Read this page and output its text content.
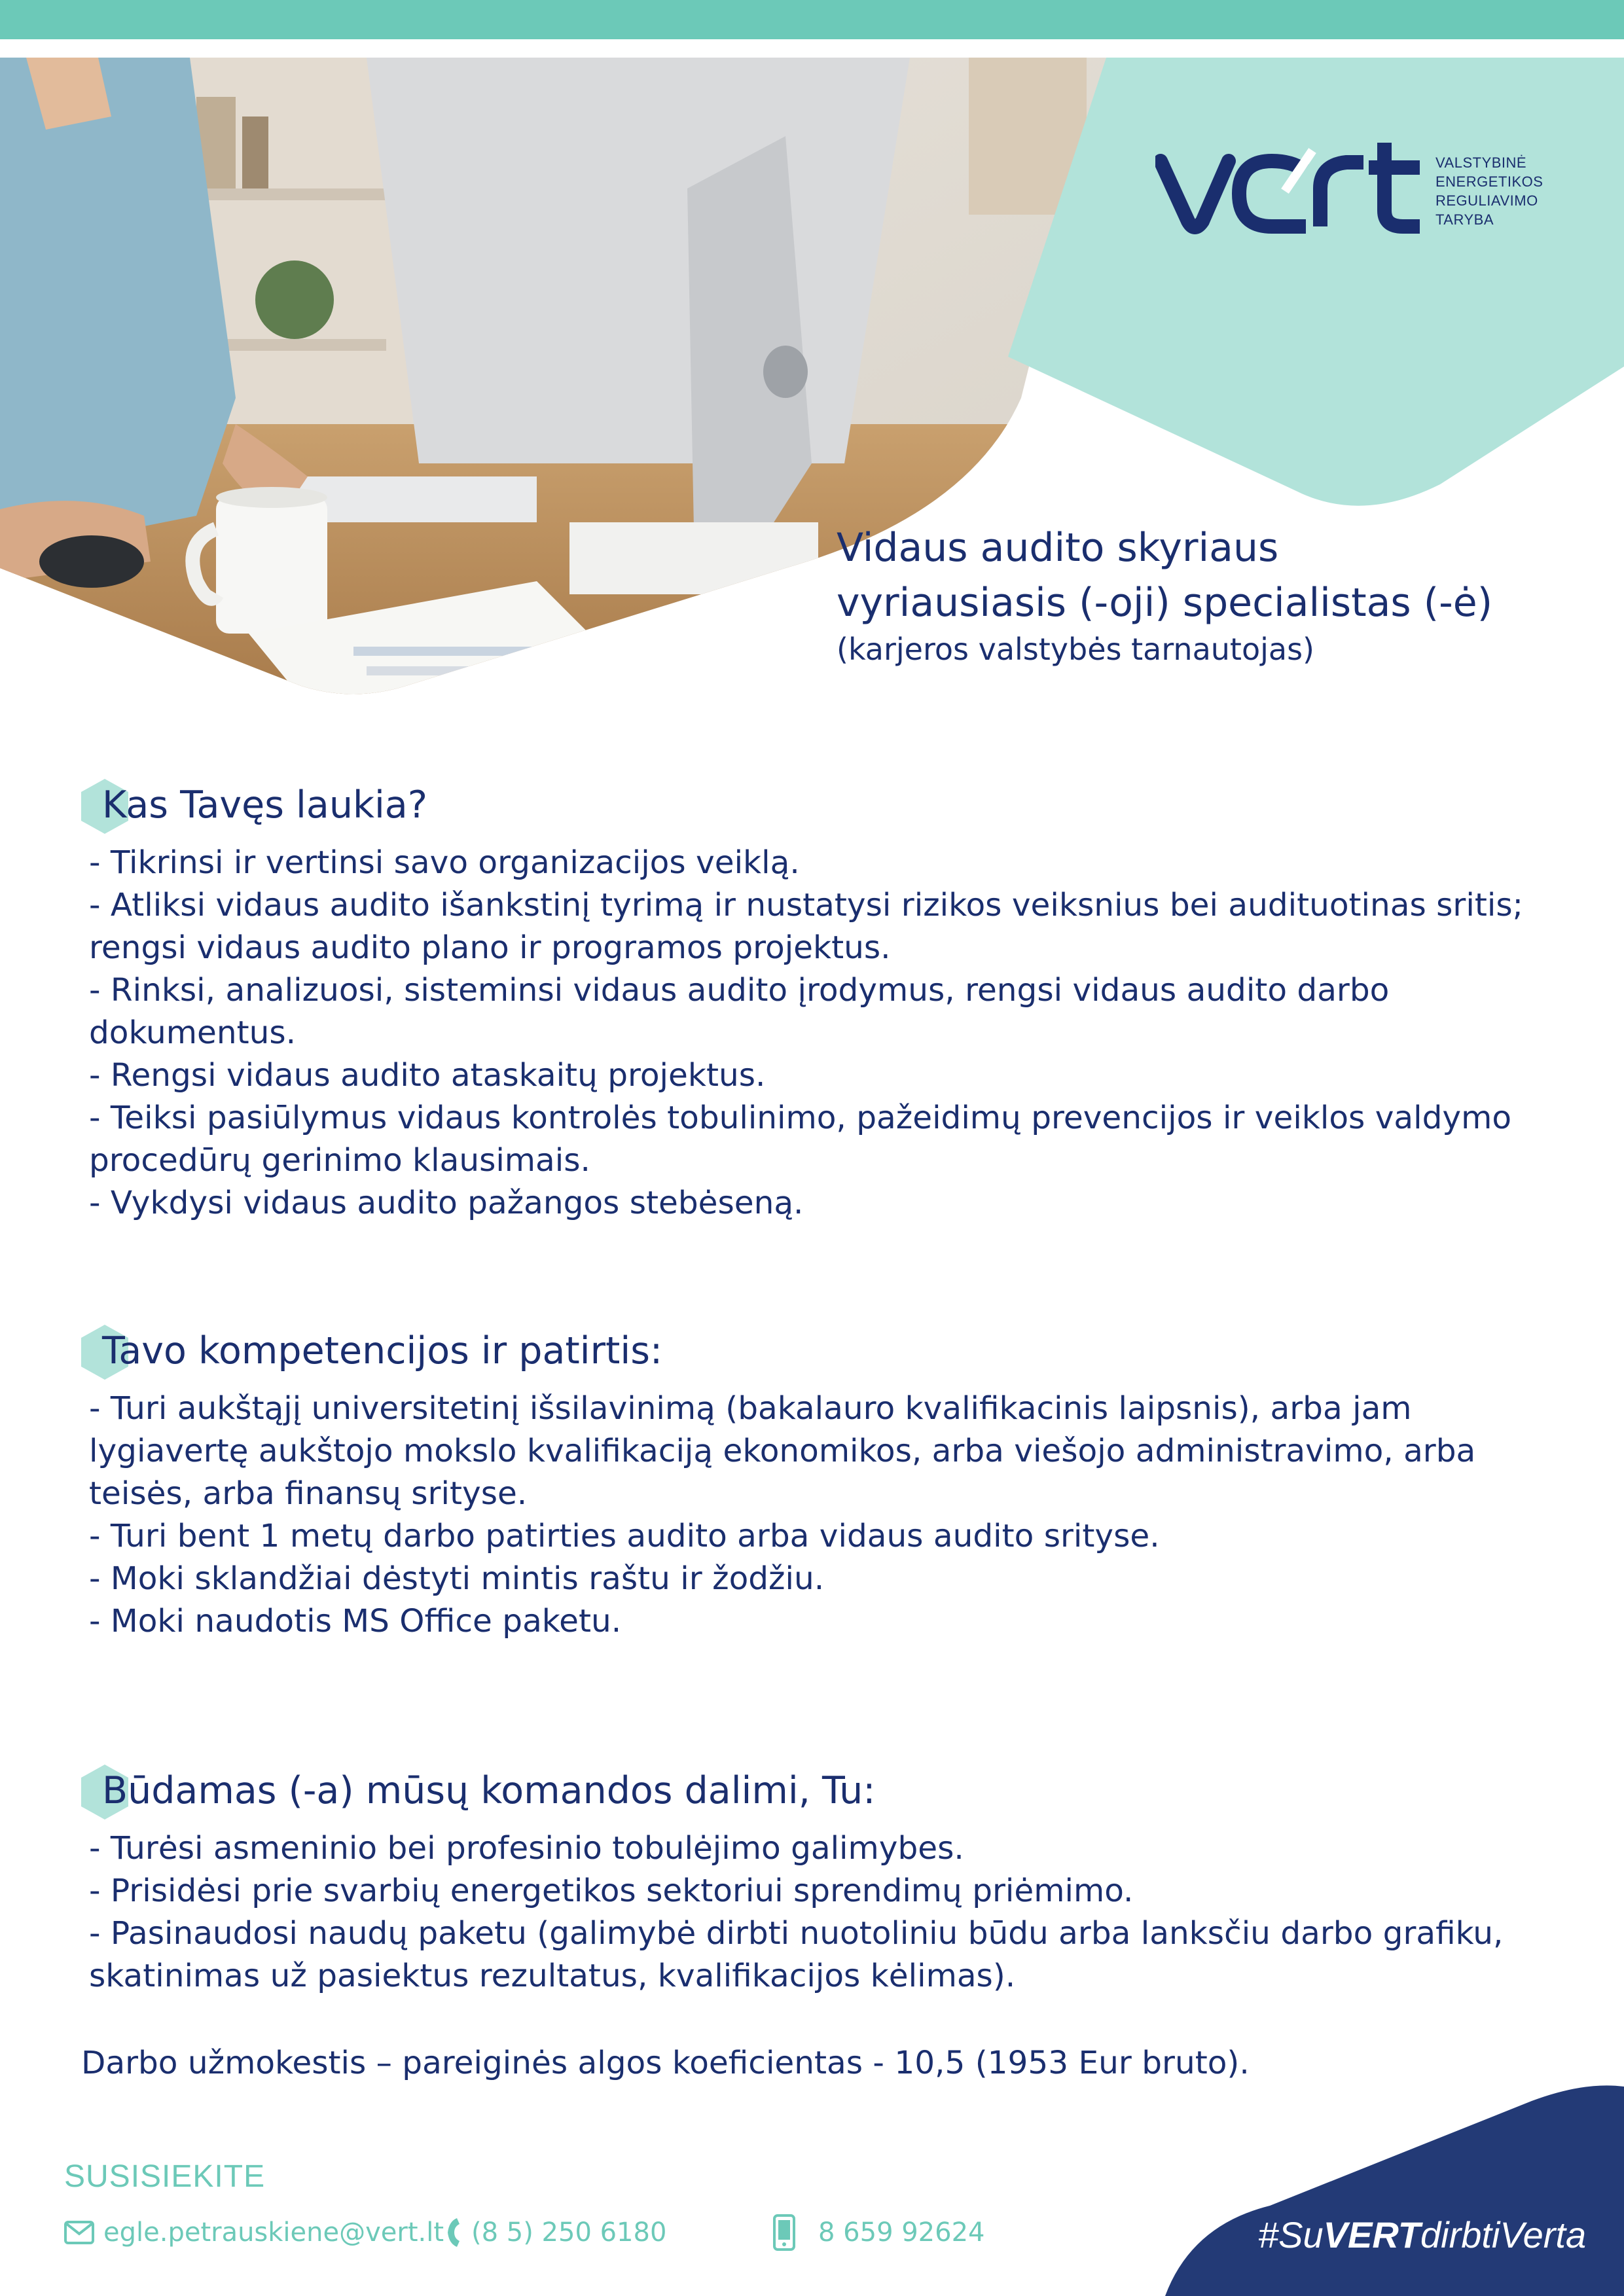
vert
VALSTYBINĖ
ENERGETIKOS
REGULIAVIMO
TARYBA
Vidaus audito skyriaus
vyriausiasis (-oji) specialistas (-ė)
(karjeros valstybės tarnautojas)
Kas Tavęs laukia?
- Tikrinsi ir vertinsi savo organizacijos veiklą.
- Atliksi vidaus audito išankstinį tyrimą ir nustatysi rizikos veiksnius bei audituotinas sritis; rengsi vidaus audito plano ir programos projektus.
- Rinksi, analizuosi, sisteminsi vidaus audito įrodymus, rengsi vidaus audito darbo dokumentus.
- Rengsi vidaus audito ataskaitų projektus.
- Teiksi pasiūlymus vidaus kontrolės tobulinimo, pažeidimų prevencijos ir veiklos valdymo procedūrų gerinimo klausimais.
- Vykdysi vidaus audito pažangos stebėseną.
Tavo kompetencijos ir patirtis:
- Turi aukštąjį universitetinį išsilavinimą (bakalauro kvalifikacinis laipsnis), arba jam lygiavertę aukštojo mokslo kvalifikaciją ekonomikos, arba viešojo administravimo, arba teisės, arba finansų srityse.
- Turi bent 1 metų darbo patirties audito arba vidaus audito srityse.
- Moki sklandžiai dėstyti mintis raštu ir žodžiu.
- Moki naudotis MS Office paketu.
Būdamas (-a) mūsų komandos dalimi, Tu:
- Turėsi asmeninio bei profesinio tobulėjimo galimybes.
- Prisidėsi prie svarbių energetikos sektoriui sprendimų priėmimo.
- Pasinaudosi naudų paketu (galimybė dirbti nuotoliniu būdu arba lanksčiu darbo grafiku, skatinimas už pasiektus rezultatus, kvalifikacijos kėlimas).
Darbo užmokestis – pareiginės algos koeficientas - 10,5 (1953 Eur bruto).
SUSISIEKITE
egle.petrauskiene@vert.lt (8 5) 250 6180	8 659 92624	#SuVERTdirbtiVerta
